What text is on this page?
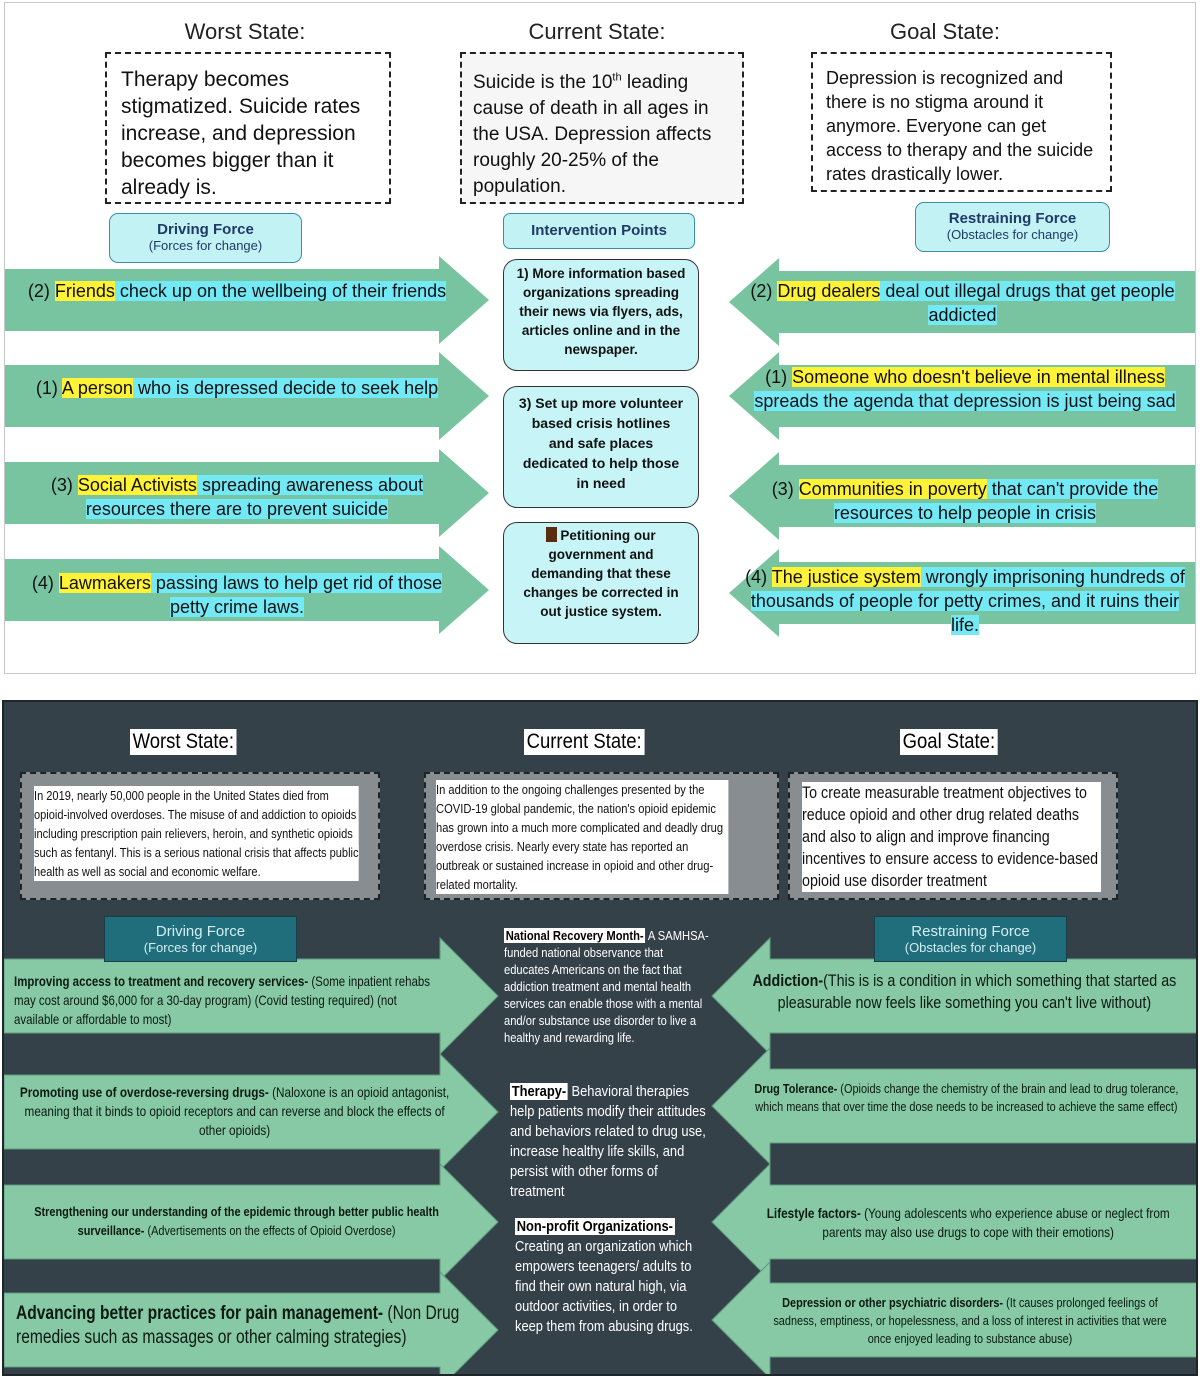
Worst State:	Current State:	Goal State:
Therapy becomes stigmatized. Suicide rates increase, and depression becomes bigger than it already is.
Suicide is the 10th leading cause of death in all ages in the USA. Depression affects roughly 20-25% of the population.
Depression is recognized and there is no stigma around it anymore. Everyone can get access to therapy and the suicide rates drastically lower.
Driving Force
(Forces for change)
Intervention Points
Restraining Force
(Obstacles for change)
(2) Friends check up on the wellbeing of their friends
(1) A person who is depressed decide to seek help
(3) Social Activists spreading awareness about resources there are to prevent suicide
(4) Lawmakers passing laws to help get rid of those petty crime laws.
(2) Drug dealers deal out illegal drugs that get people addicted
(1) Someone who doesn't believe in mental illness spreads the agenda that depression is just being sad
(3) Communities in poverty that can't provide the resources to help people in crisis
(4) The justice system wrongly imprisoning hundreds of thousands of people for petty crimes, and it ruins their life.
1) More information based organizations spreading their news via flyers, ads, articles online and in the newspaper.
3) Set up more volunteer based crisis hotlines and safe places dedicated to help those in need
Petitioning our government and demanding that these changes be corrected in out justice system.
Worst State:	Current State:	Goal State:
In 2019, nearly 50,000 people in the United States died from opioid-involved overdoses. The misuse of and addiction to opioids including prescription pain relievers, heroin, and synthetic opioids such as fentanyl. This is a serious national crisis that affects public health as well as social and economic welfare.
In addition to the ongoing challenges presented by the COVID-19 global pandemic, the nation's opioid epidemic has grown into a much more complicated and deadly drug overdose crisis. Nearly every state has reported an outbreak or sustained increase in opioid and other drug-related mortality.
To create measurable treatment objectives to reduce opioid and other drug related deaths and also to align and improve financing incentives to ensure access to evidence-based opioid use disorder treatment
Driving Force
(Forces for change)
Restraining Force
(Obstacles for change)
Improving access to treatment and recovery services- (Some inpatient rehabs may cost around $6,000 for a 30-day program) (Covid testing required) (not available or affordable to most)
Promoting use of overdose-reversing drugs- (Naloxone is an opioid antagonist, meaning that it binds to opioid receptors and can reverse and block the effects of other opioids)
Strengthening our understanding of the epidemic through better public health surveillance- (Advertisements on the effects of Opioid Overdose)
Advancing better practices for pain management- (Non Drug remedies such as massages or other calming strategies)
Addiction-(This is is a condition in which something that started as pleasurable now feels like something you can't live without)
Drug Tolerance- (Opioids change the chemistry of the brain and lead to drug tolerance, which means that over time the dose needs to be increased to achieve the same effect)
Lifestyle factors- (Young adolescents who experience abuse or neglect from parents may also use drugs to cope with their emotions)
Depression or other psychiatric disorders- (It causes prolonged feelings of sadness, emptiness, or hopelessness, and a loss of interest in activities that were once enjoyed leading to substance abuse)
National Recovery Month- A SAMHSA-funded national observance that educates Americans on the fact that addiction treatment and mental health services can enable those with a mental and/or substance use disorder to live a healthy and rewarding life.
Therapy- Behavioral therapies help patients modify their attitudes and behaviors related to drug use, increase healthy life skills, and persist with other forms of treatment
Non-profit Organizations- Creating an organization which empowers teenagers/ adults to find their own natural high, via outdoor activities, in order to keep them from abusing drugs.
